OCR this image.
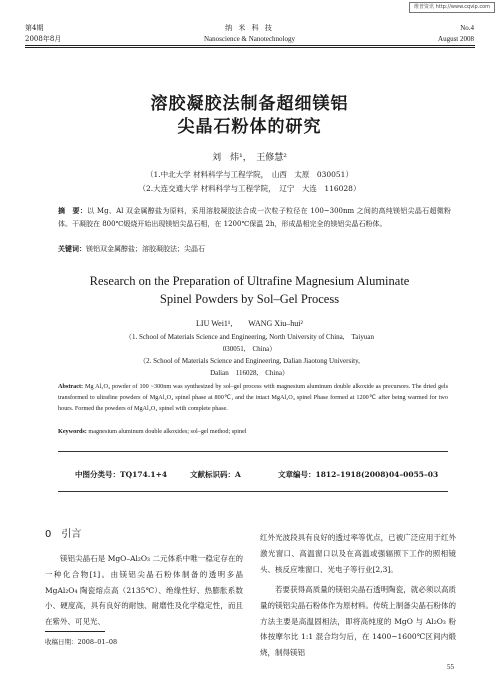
维普资讯 http://www.cqvip.com
第4期
2008年8月
纳 米 科 技
Nanoscience & Nanotechnology
No.4
August 2008
溶胶凝胶法制备超细镁铝
尖晶石粉体的研究
刘　炜¹，　王修慧²
（1.中北大学 材料科学与工程学院，　山西　太原　030051）
（2.大连交通大学 材料科学与工程学院，　辽宁　大连　116028）
摘　要：以 Mg、Al 双金属醇盐为原料，采用溶胶凝胶法合成一次粒子粒径在 100~300nm 之间的高纯镁铝尖晶石超微粉体。干凝胶在 800℃煅烧开始出现镁铝尖晶石相，在 1200℃保温 2h，形成晶相完全的镁铝尖晶石粉体。
关键词：镁铝双金属醇盐；溶胶凝胶法；尖晶石
Research on the Preparation of Ultrafine Magnesium Aluminate
Spinel Powders by Sol–Gel Process
LIU Wei1¹,　　WANG Xiu–hui²
（1. School of Materials Science and Engineering, North University of China,　Taiyuan
030051,　China）
（2. School of Materials Science and Engineering, Dalian Jiaotong University,
Dalian　116028,　China）
Abstract: Mg Al₂O₄ powder of 100 ~300nm was synthesized by sol–gel process with magnesium aluminum double alkoxide as precursors. The dried gels transformed to ultrafine powders of MgAl₂O₄ spinel phase at 800℃, and the intact MgAl₂O₄ spinel Phase formed at 1200℃ after being warmed for two hours. Formed the powders of MgAl₂O₄ spinel with complete phase.
Keywords: magnesium aluminum double alkoxides; sol–gel method; spinel
中图分类号：TQ174.1+4	文献标识码：A	文章编号：1812–1918(2008)04–0055–03
0　引言
镁铝尖晶石是 MgO–Al₂O₃ 二元体系中唯一稳定存在的一种化合物[1]。由镁铝尖晶石粉体制备的透明多晶 MgAl₂O₄ 陶瓷熔点高（2135℃）、绝缘性好、热膨胀系数小、硬度高，具有良好的耐蚀、耐磨性及化学稳定性，而且在紫外、可见光、
红外光波段具有良好的透过率等优点，已被广泛应用于红外激光窗口、高温窗口以及在高温或强辐照下工作的照相镜头、核反应堆窗口、光电子等行业[2,3]。
若要获得高质量的镁铝尖晶石透明陶瓷，就必须以高质量的镁铝尖晶石粉体作为原材料。传统上制备尖晶石粉体的方法主要是高温固相法，即将高纯度的 MgO 与 Al₂O₃ 粉体按摩尔比 1:1 混合均匀后，在 1400~1600℃区间内煅烧，制得镁铝
收稿日期：2008–01–08
55
